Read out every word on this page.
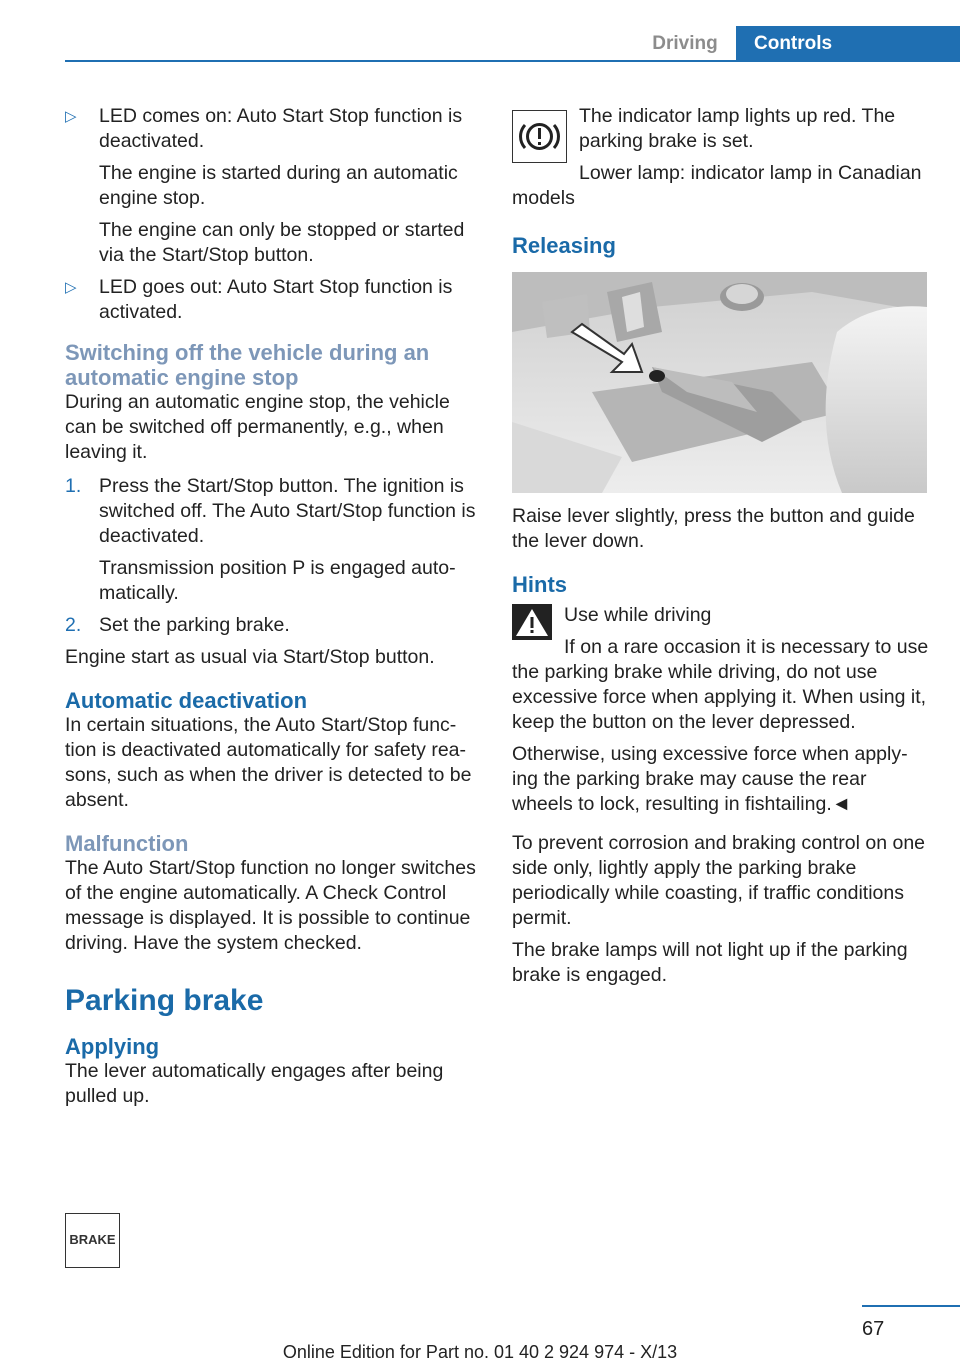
Driving	Controls
▷ LED comes on: Auto Start Stop function is deactivated.

The engine is started during an automatic engine stop.

The engine can only be stopped or started via the Start/Stop button.

▷ LED goes out: Auto Start Stop function is activated.

Switching off the vehicle during an automatic engine stop

During an automatic engine stop, the vehicle can be switched off permanently, e.g., when leaving it.

1. Press the Start/Stop button. The ignition is switched off. The Auto Start/Stop function is deactivated.

Transmission position P is engaged auto‐matically.

2. Set the parking brake.

Engine start as usual via Start/Stop button.

Automatic deactivation

In certain situations, the Auto Start/Stop func‐tion is deactivated automatically for safety rea‐sons, such as when the driver is detected to be absent.

Malfunction

The Auto Start/Stop function no longer switches of the engine automatically. A Check Control message is displayed. It is possible to continue driving. Have the system checked.

Parking brake
Applying

The lever automatically engages after being pulled up.

BRAKE

The indicator lamp lights up red. The parking brake is set.

Lower lamp: indicator lamp in Canadian models

Releasing

Raise lever slightly, press the button and guide the lever down.

Hints

Use while driving

If on a rare occasion it is necessary to use the parking brake while driving, do not use excessive force when applying it. When using it, keep the button on the lever depressed.

Otherwise, using excessive force when apply‐ing the parking brake may cause the rear wheels to lock, resulting in fishtailing.◄

To prevent corrosion and braking control on one side only, lightly apply the parking brake periodically while coasting, if traffic conditions permit.

The brake lamps will not light up if the parking brake is engaged.

67
Online Edition for Part no. 01 40 2 924 974 - X/13
